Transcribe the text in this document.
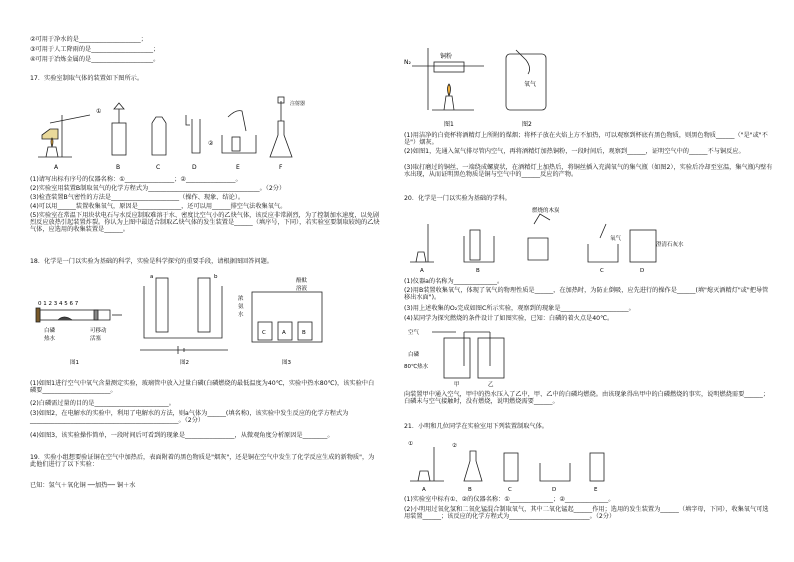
②可用于净水的是____________________；
③可用于人工降雨的是____________________；
④可用于冶炼金属的是____________________。
17．实验室制取气体的装置如下图所示。
A	B	C	D	E	F
①
②
注射器
(1)请写出标有序号的仪器名称：①________________；②________________。
(2)实验室用装置B制取氧气的化学方程式为____________________________________。（2分）
(3)检查装置B气密性的方法是______________________（操作、现象、结论）。
(4)可以用______装置收集氧气，原因是______________，还可以用______排空气法收集氧气。
(5)实验室在常温下用块状电石与水反应制取难溶于水、密度比空气小的乙炔气体，该反应非常剧烈，为了控制加水速度，以免剧烈反应放热引起装置炸裂。你认为上图中最适合制取乙炔气体的发生装置是______（填序号，下同），若实验室要制取较纯的乙炔气体，应选用的收集装置是______。
18．化学是一门以实验为基础的科学，实验是科学探究的重要手段，请根据图回答问题。
0 1 2 3 4 5 6 7
白磷
热水
可移动
活塞
图1	图2	图3
浓
氨
水
酚酞
溶液
A	B
C
a	b
(1)如图1进行空气中氧气含量测定实验，玻璃管中放入过量白磷(白磷燃烧的最低温度为40℃，实验中热水80℃)，该实验中白磷要______________________。
(2)白磷需过量的目的是________________________。
(3)如图2，在电解水的实验中，利用了电解水的方法，则a气体为______(填名称)，该实验中发生反应的化学方程式为________________________________________________。（2分）
(4)如图3，该实验操作简单，一段时间后可看到的现象是________________，从微观角度分析原因是________。
19．实验小组想要验证铜在空气中加热后，表面附着的黑色物质是"烟灰"，还是铜在空气中发生了化学反应生成的新物质"，为此他们进行了以下实验：
已知：氢气＋氧化铜 ──加热── 铜＋水
N₂
铜粉
氧气
图1	图2
(1)用洁净的白瓷杯将酒精灯上所附的煤烟；将杯子放在火焰上方不加热，可以观察到杯底有黑色物质，则黑色物质______（"是"或"不是"）烟灰。
(2)如图1，先通入氮气排尽管内空气，再将酒精灯加热铜粉，一段时间后，观察到______，证明空气中的______不与铜反应。
(3)取打磨过的铜丝，一端绕成螺旋状，在酒精灯上加热后，将铜丝插入充满氧气的集气瓶（如图2），实验后冷却至室温，集气瓶内壁有水出现，从而证明黑色物质是铜与空气中的______反应的产物。
20．化学是一门以实验为基础的学科。
燃烧的木炭
A	B	C	D
氧气
澄清石灰水
(1)仪器a的名称为______________。
(2)用B装置收集氧气，体现了氧气的物理性质是______，在加热时，为防止倒吸，应先进行的操作是______(填"熄灭酒精灯"或"把导管移出水面")。
(3)用上述收集的O₂完成如图C所示实验，观察到的现象是______________________。
(4)某同学为探究燃烧的条件设计了如图实验，已知：白磷的着火点是40℃。
空气
白磷
80℃热水
甲	乙
向装置甲中通入空气，甲中的热水压入了乙中，甲、乙中的白磷均燃烧。由该现象得出甲中的白磷燃烧的事实，说明燃烧需要______；白磷未与空气接触时，没有燃烧，说明燃烧需要______。
21．小明和几位同学在实验室用下列装置制取气体。
①	②
A	B	C	D	E
(1)实验室中标有①、②的仪器名称：①______________；②______________。
(2)小明用过氧化氢和二氧化锰混合制取氧气，其中二氧化锰起______作用；选用的发生装置为______（填字母，下同），收集氧气可选用装置______；该反应的化学方程式为__________________________。（2分）
